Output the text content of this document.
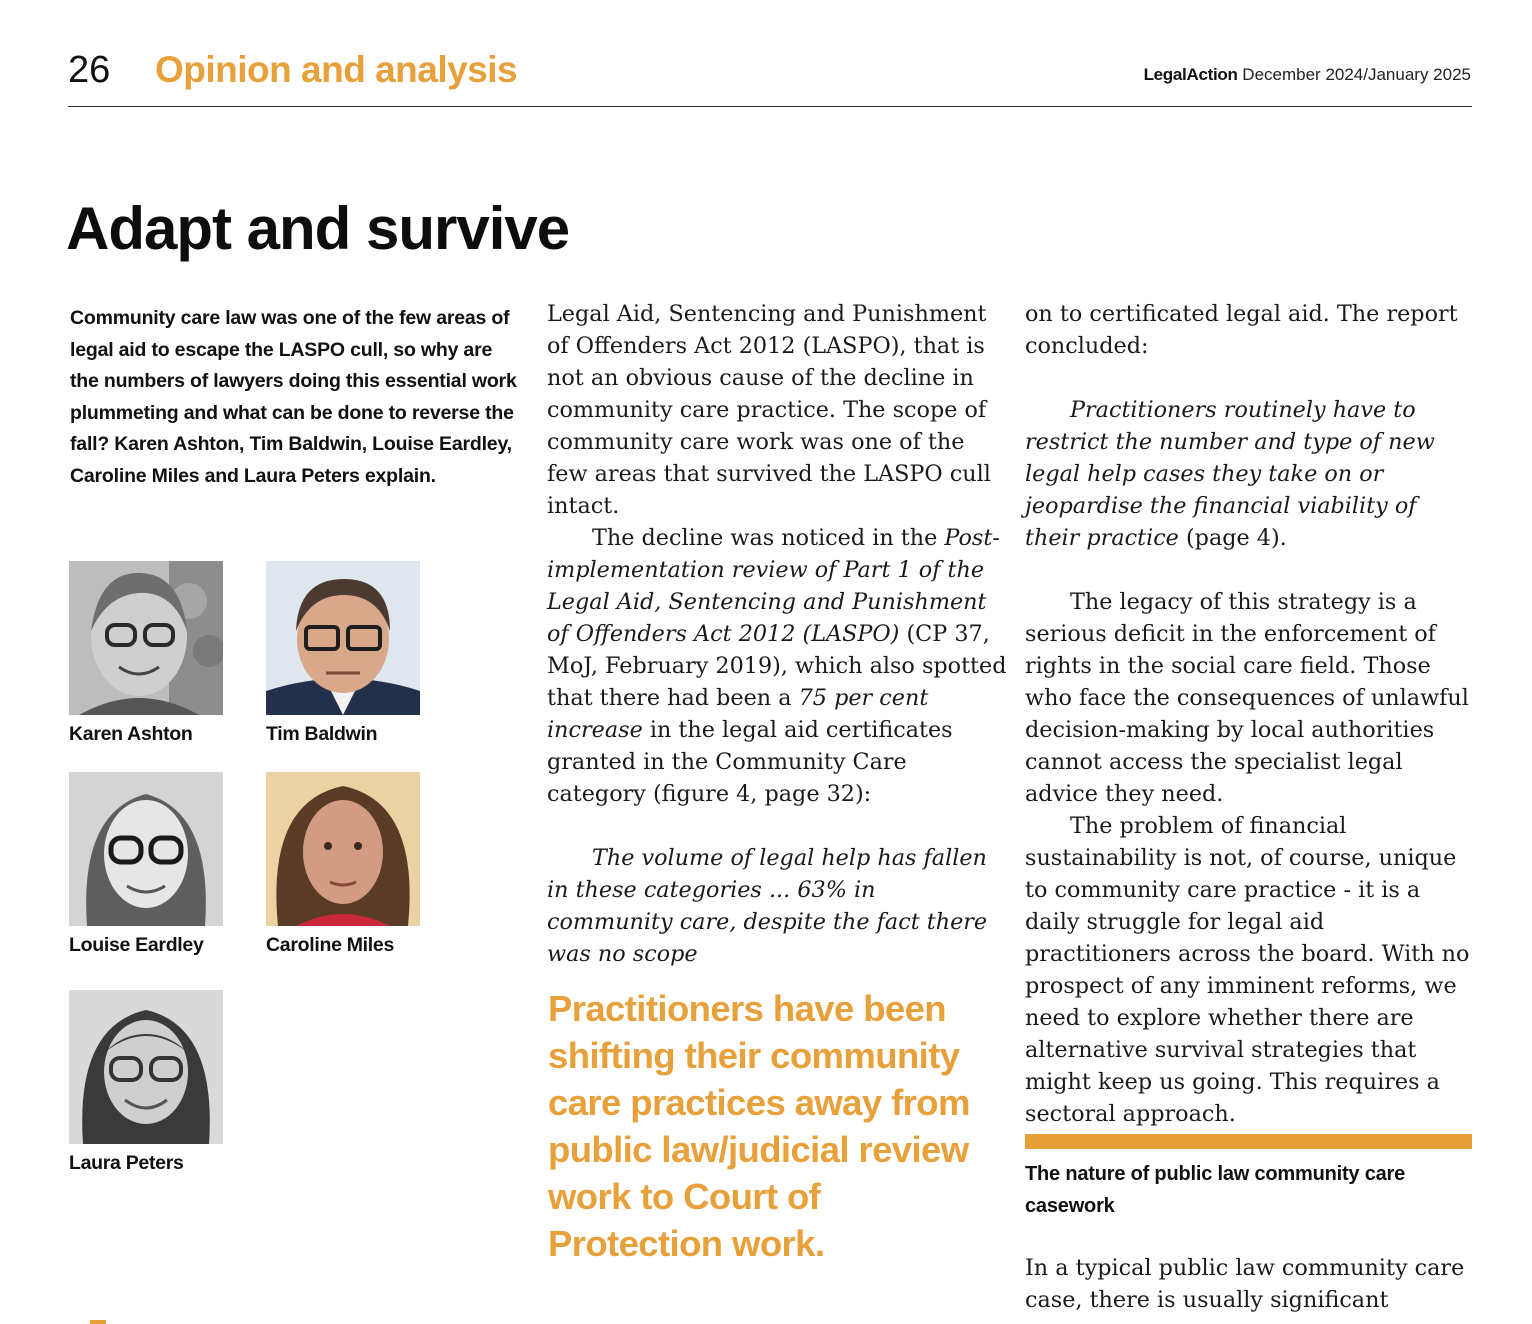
26 Opinion and analysis	LegalAction December 2024/January 2025
Adapt and survive
Community care law was one of the few areas of legal aid to escape the LASPO cull, so why are the numbers of lawyers doing this essential work plummeting and what can be done to reverse the fall? Karen Ashton, Tim Baldwin, Louise Eardley, Caroline Miles and Laura Peters explain.
Karen Ashton	Tim Baldwin
Louise Eardley	Caroline Miles
Laura Peters

Legal Aid, Sentencing and Punishment of Offenders Act 2012 (LASPO), that is not an obvious cause of the decline in community care practice. The scope of community care work was one of the few areas that survived the LASPO cull intact.

The decline was noticed in the Post-implementation review of Part 1 of the Legal Aid, Sentencing and Punishment of Offenders Act 2012 (LASPO) (CP 37, MoJ, February 2019), which also spotted that there had been a 75 per cent increase in the legal aid certificates granted in the Community Care category (figure 4, page 32):

The volume of legal help has fallen in these categories ... 63% in community care, despite the fact there was no scope

Practitioners have been shifting their community care practices away from public law/judicial review work to Court of Protection work.

on to certificated legal aid. The report concluded:

Practitioners routinely have to restrict the number and type of new legal help cases they take on or jeopardise the financial viability of their practice (page 4).

The legacy of this strategy is a serious deficit in the enforcement of rights in the social care field. Those who face the consequences of unlawful decision-making by local authorities cannot access the specialist legal advice they need.

The problem of financial sustainability is not, of course, unique to community care practice - it is a daily struggle for legal aid practitioners across the board. With no prospect of any imminent reforms, we need to explore whether there are alternative survival strategies that might keep us going. This requires a sectoral approach.

The nature of public law community care casework

In a typical public law community care case, there is usually significant
